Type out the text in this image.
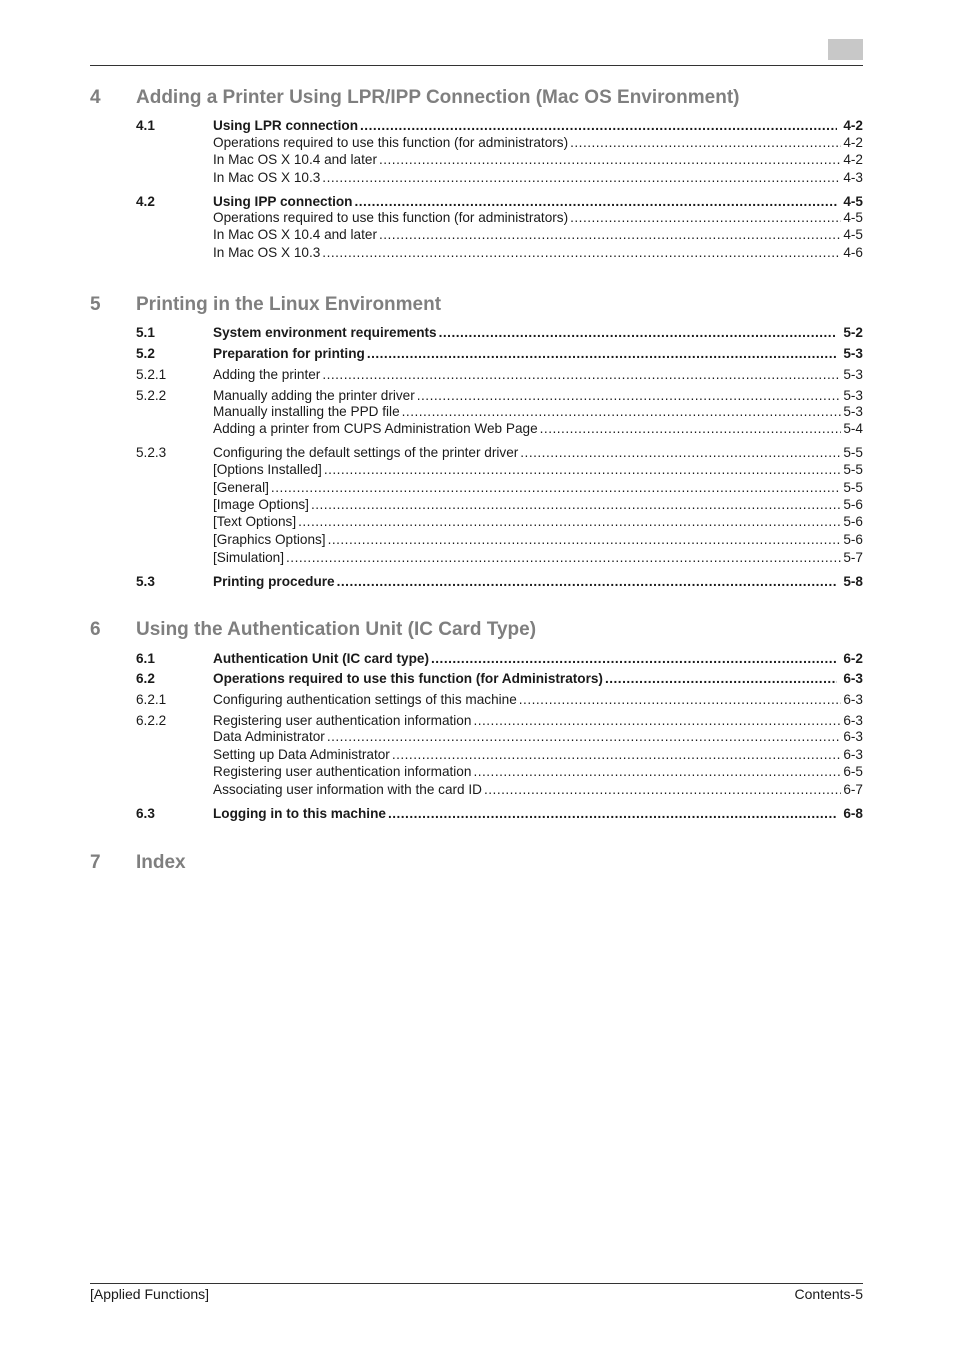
4 Adding a Printer Using LPR/IPP Connection (Mac OS Environment)
4.1	Using LPR connection .....	4-2
Operations required to use this function (for administrators) .....	4-2
In Mac OS X 10.4 and later .....	4-2
In Mac OS X 10.3 .....	4-3
4.2	Using IPP connection .....	4-5
Operations required to use this function (for administrators) .....	4-5
In Mac OS X 10.4 and later .....	4-5
In Mac OS X 10.3 .....	4-6
5 Printing in the Linux Environment
5.1	System environment requirements .....	5-2
5.2	Preparation for printing .....	5-3
5.2.1	Adding the printer .....	5-3
5.2.2	Manually adding the printer driver .....	5-3
Manually installing the PPD file .....	5-3
Adding a printer from CUPS Administration Web Page .....	5-4
5.2.3	Configuring the default settings of the printer driver .....	5-5
[Options Installed] .....	5-5
[General] .....	5-5
[Image Options] .....	5-6
[Text Options] .....	5-6
[Graphics Options] .....	5-6
[Simulation] .....	5-7
5.3	Printing procedure .....	5-8
6 Using the Authentication Unit (IC Card Type)
6.1	Authentication Unit (IC card type) .....	6-2
6.2	Operations required to use this function (for Administrators) .....	6-3
6.2.1	Configuring authentication settings of this machine .....	6-3
6.2.2	Registering user authentication information .....	6-3
Data Administrator .....	6-3
Setting up Data Administrator .....	6-3
Registering user authentication information .....	6-5
Associating user information with the card ID .....	6-7
6.3	Logging in to this machine .....	6-8
7 Index
[Applied Functions]	Contents-5
